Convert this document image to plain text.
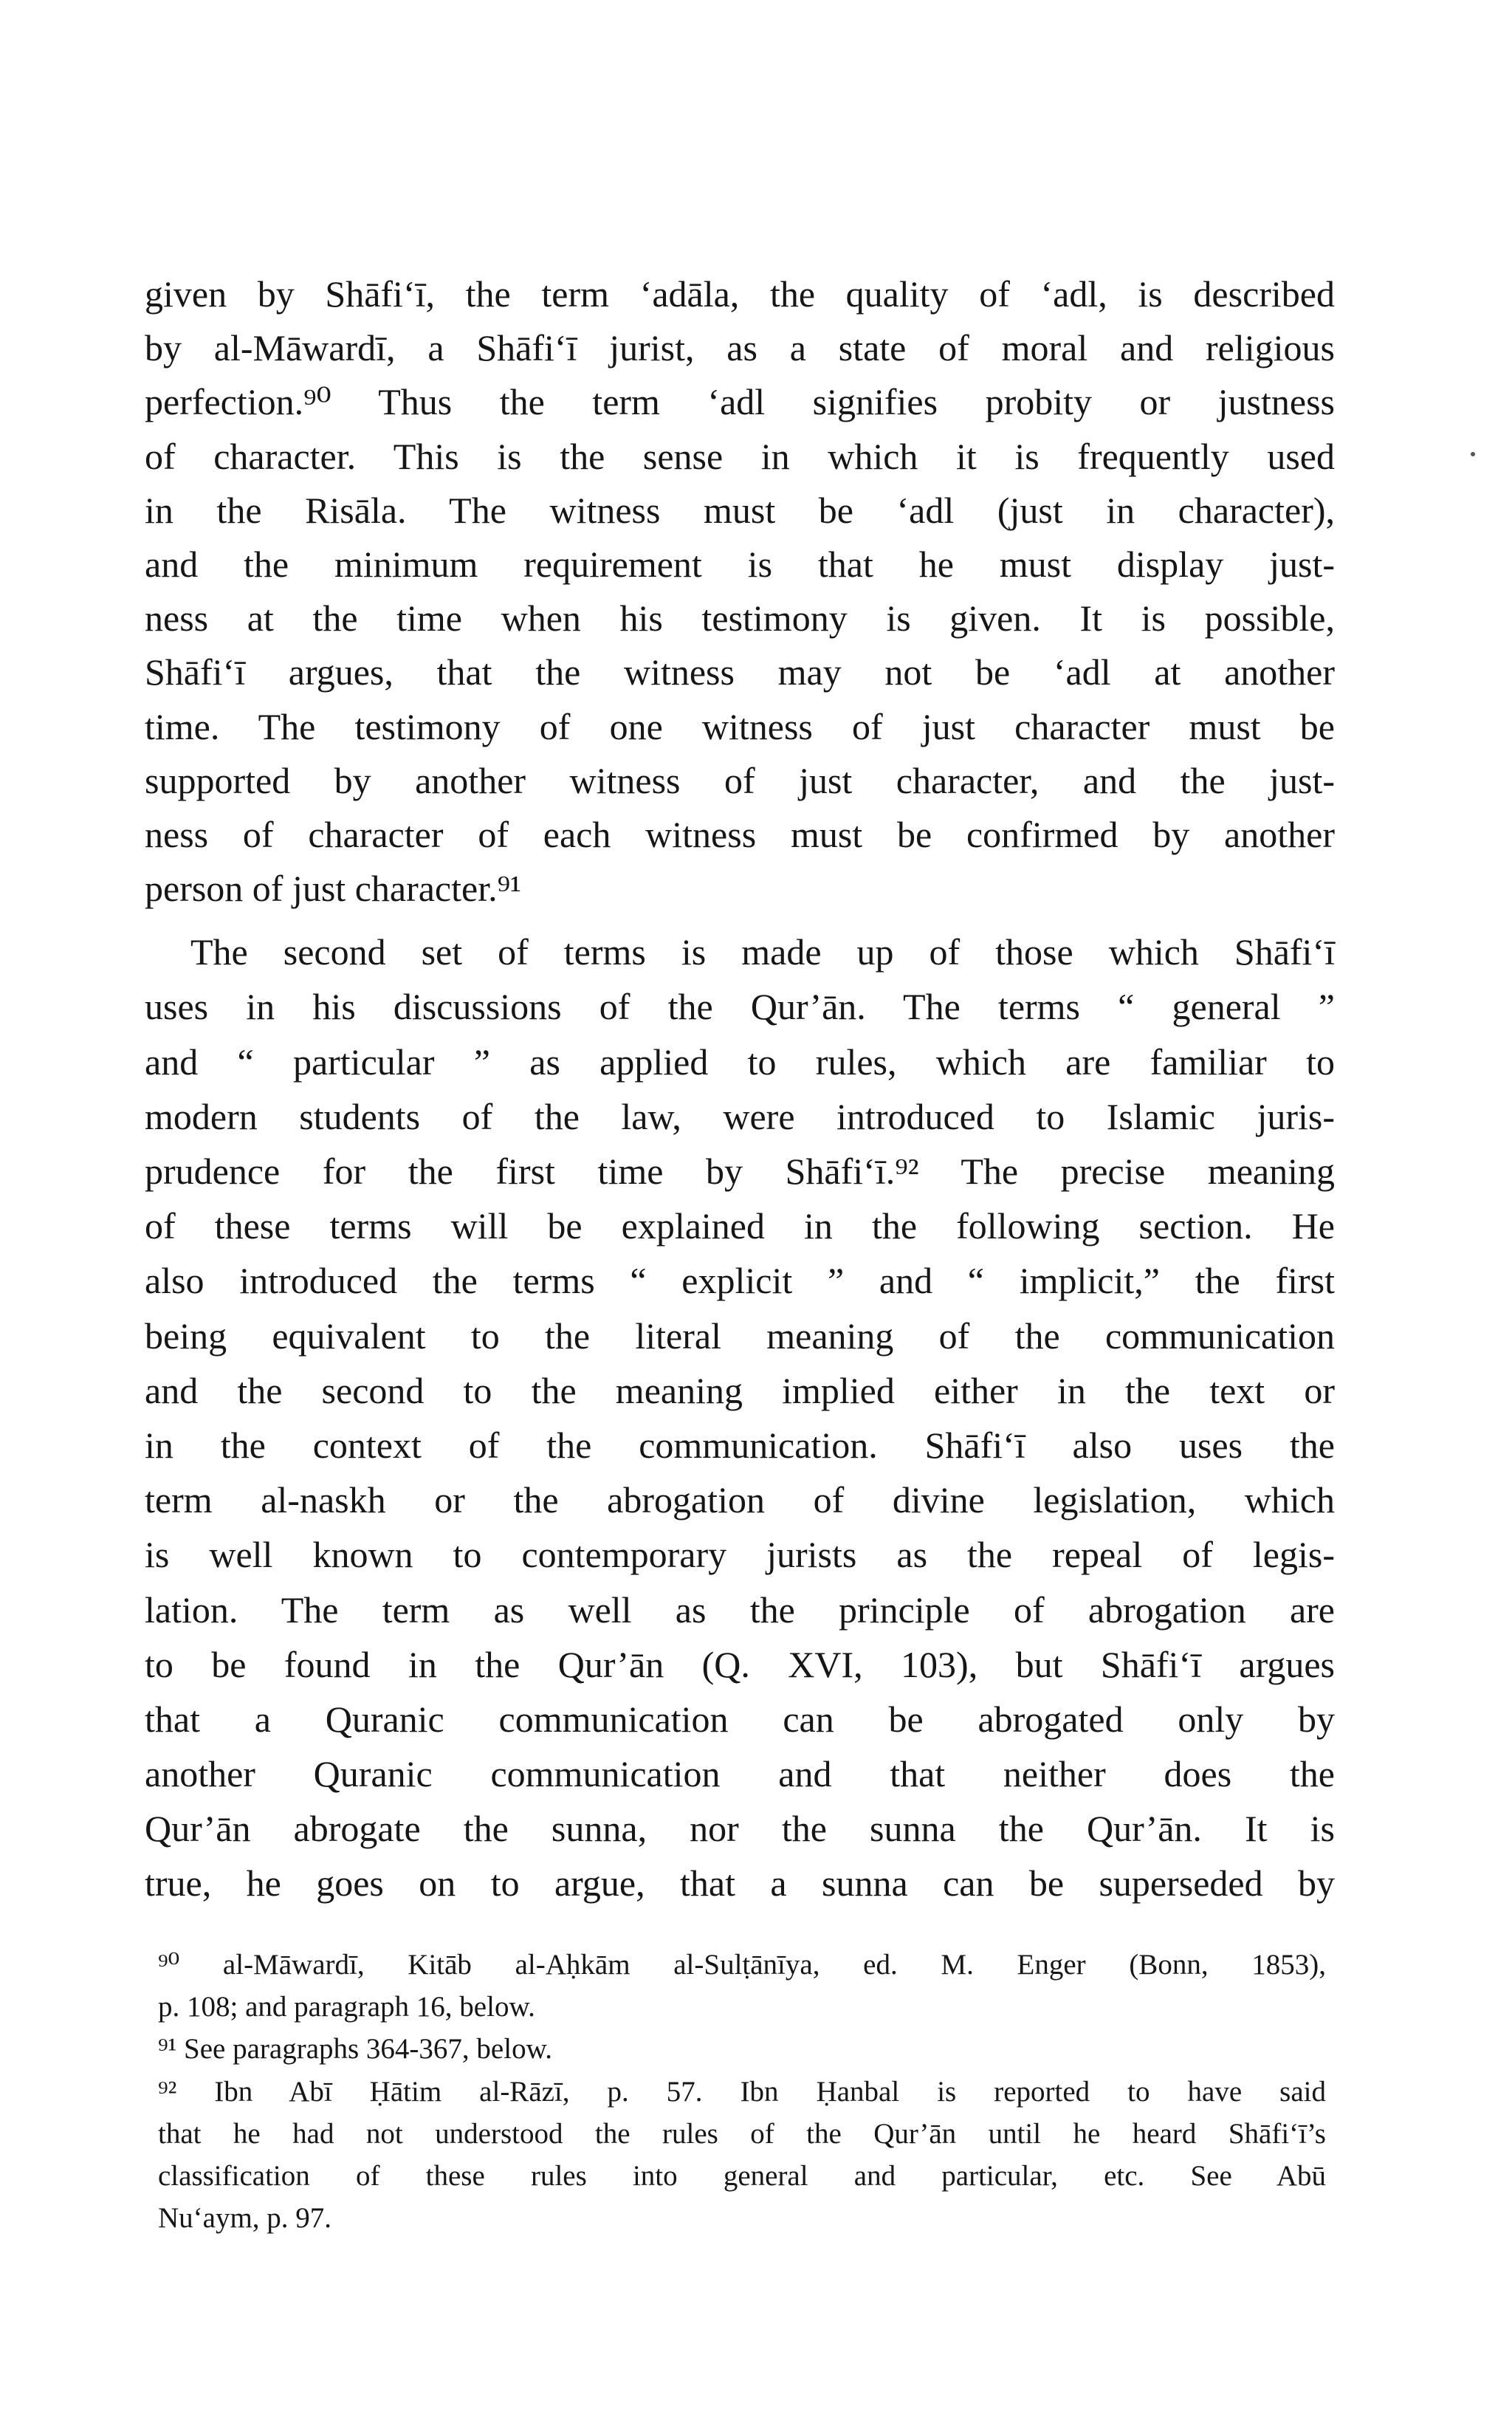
given by Shāfi‘ī, the term ‘adāla, the quality of ‘adl, is described
by al-Māwardī, a Shāfi‘ī jurist, as a state of moral and religious
perfection.⁹⁰ Thus the term ‘adl signifies probity or justness
of character. This is the sense in which it is frequently used
in the Risāla. The witness must be ‘adl (just in character),
and the minimum requirement is that he must display just-
ness at the time when his testimony is given. It is possible,
Shāfi‘ī argues, that the witness may not be ‘adl at another
time. The testimony of one witness of just character must be
supported by another witness of just character, and the just-
ness of character of each witness must be confirmed by another
person of just character.⁹¹
The second set of terms is made up of those which Shāfi‘ī
uses in his discussions of the Qur’ān. The terms “ general ”
and “ particular ” as applied to rules, which are familiar to
modern students of the law, were introduced to Islamic juris-
prudence for the first time by Shāfi‘ī.⁹² The precise meaning
of these terms will be explained in the following section. He
also introduced the terms “ explicit ” and “ implicit,” the first
being equivalent to the literal meaning of the communication
and the second to the meaning implied either in the text or
in the context of the communication. Shāfi‘ī also uses the
term al-naskh or the abrogation of divine legislation, which
is well known to contemporary jurists as the repeal of legis-
lation. The term as well as the principle of abrogation are
to be found in the Qur’ān (Q. XVI, 103), but Shāfi‘ī argues
that a Quranic communication can be abrogated only by
another Quranic communication and that neither does the
Qur’ān abrogate the sunna, nor the sunna the Qur’ān. It is
true, he goes on to argue, that a sunna can be superseded by
⁹⁰ al-Māwardī, Kitāb al-Aḥkām al-Sulṭānīya, ed. M. Enger (Bonn, 1853),
p. 108; and paragraph 16, below.
⁹¹ See paragraphs 364-367, below.
⁹² Ibn Abī Ḥātim al-Rāzī, p. 57. Ibn Ḥanbal is reported to have said
that he had not understood the rules of the Qur’ān until he heard Shāfi‘ī’s
classification of these rules into general and particular, etc. See Abū
Nu‘aym, p. 97.
